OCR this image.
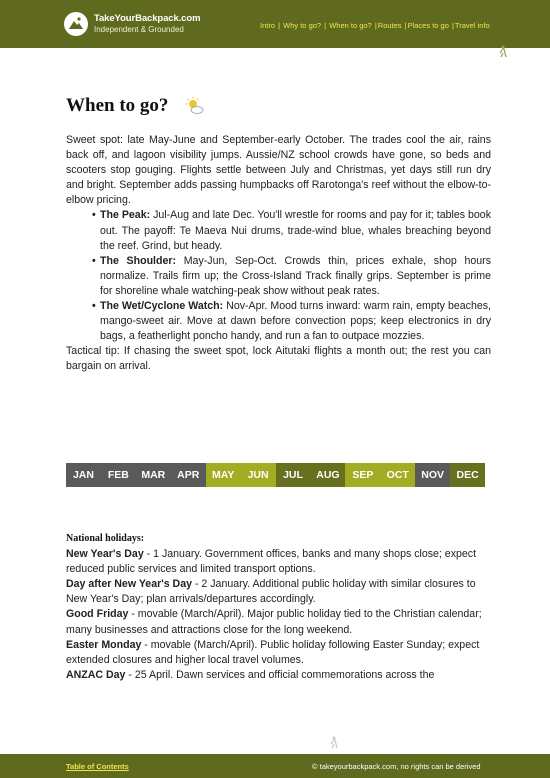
TakeYourBackpack.com
Independent & Grounded	Intro | Why to go? | When to go? |Routes |Places to go |Travel info
When to go?

Sweet spot: late May-June and September-early October. The trades cool the air, rains back off, and lagoon visibility jumps. Aussie/NZ school crowds have gone, so beds and scooters stop gouging. Flights settle between July and Christmas, yet days still run dry and bright. September adds passing humpbacks off Rarotonga's reef without the elbow-to-elbow pricing.

• The Peak: Jul-Aug and late Dec. You'll wrestle for rooms and pay for it; tables book out. The payoff: Te Maeva Nui drums, trade-wind blue, whales breaching beyond the reef. Grind, but heady.
• The Shoulder: May-Jun, Sep-Oct. Crowds thin, prices exhale, shop hours normalize. Trails firm up; the Cross-Island Track finally grips. September is prime for shoreline whale watching-peak show without peak rates.
• The Wet/Cyclone Watch: Nov-Apr. Mood turns inward: warm rain, empty beaches, mango-sweet air. Move at dawn before convection pops; keep electronics in dry bags, a featherlight poncho handy, and run a fan to outpace mozzies.

Tactical tip: If chasing the sweet spot, lock Aitutaki flights a month out; the rest you can bargain on arrival.

JAN	FEB	MAR	APR	MAY	JUN	JUL	AUG	SEP	OCT	NOV	DEC
National holidays:
New Year's Day - 1 January. Government offices, banks and many shops close; expect reduced public services and limited transport options.
Day after New Year's Day - 2 January. Additional public holiday with similar closures to New Year's Day; plan arrivals/departures accordingly.
Good Friday - movable (March/April). Major public holiday tied to the Christian calendar; many businesses and attractions close for the long weekend.
Easter Monday - movable (March/April). Public holiday following Easter Sunday; expect extended closures and higher local travel volumes.
ANZAC Day - 25 April. Dawn services and official commemorations across the
Table of Contents	© takeyourbackpack.com, no rights can be derived
